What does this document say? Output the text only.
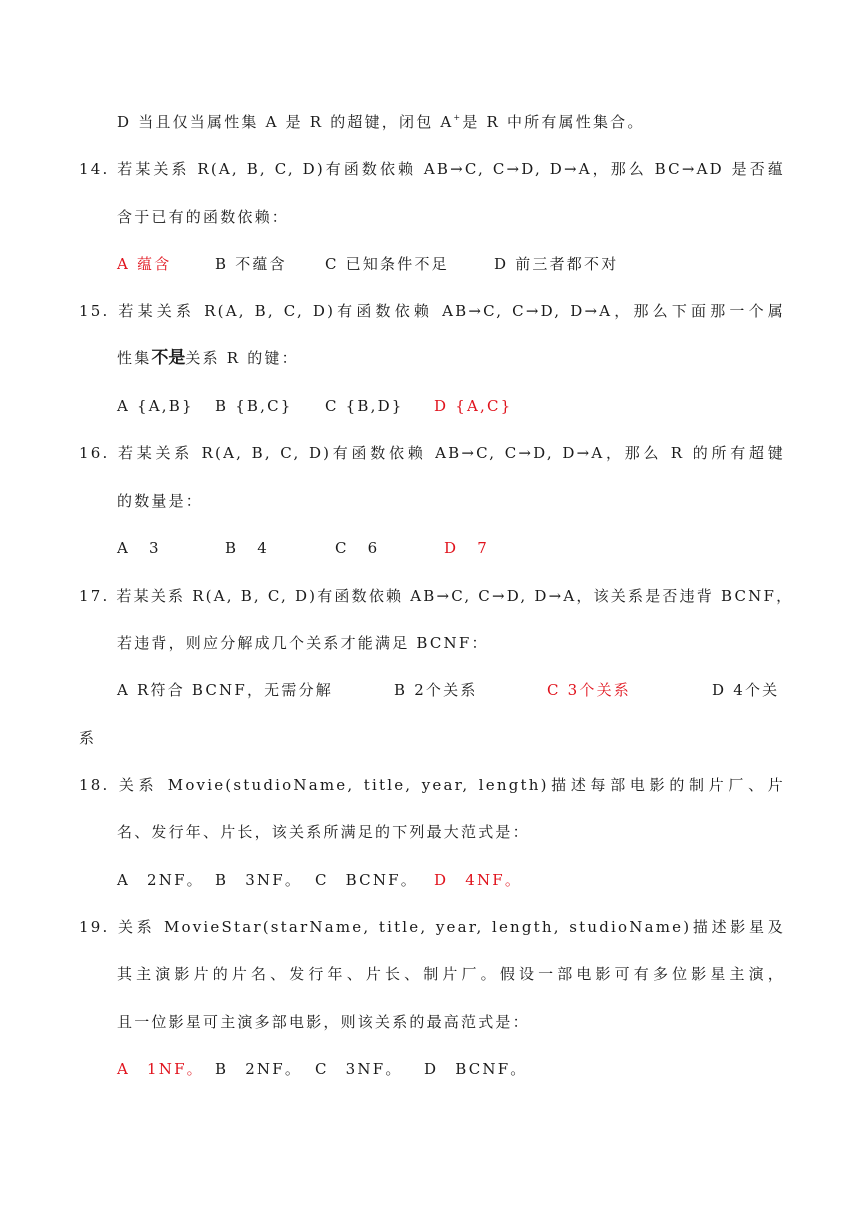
D 当且仅当属性集 A 是 R 的超键，闭包 A+是 R 中所有属性集合。
14. 若某关系 R(A, B, C, D)有函数依赖 AB→C, C→D, D→A，那么 BC→AD 是否蕴
含于已有的函数依赖：
A 蕴含	B 不蕴含	C 已知条件不足	D 前三者都不对
15. 若某关系 R(A, B, C, D)有函数依赖 AB→C, C→D, D→A，那么下面那一个属
性集不是关系 R 的键：
A {A,B} B {B,C} C {B,D} D {A,C}
16. 若某关系 R(A, B, C, D)有函数依赖 AB→C, C→D, D→A，那么 R 的所有超键
的数量是：
A 3	B 4	C 6	D 7
17. 若某关系 R(A, B, C, D)有函数依赖 AB→C, C→D, D→A，该关系是否违背 BCNF，
若违背，则应分解成几个关系才能满足 BCNF：
A R符合 BCNF，无需分解	B 2个关系	C 3个关系	D 4个关
系
18. 关系 Movie(studioName, title, year, length)描述每部电影的制片厂、片
名、发行年、片长，该关系所满足的下列最大范式是：
A 2NF。 B 3NF。 C BCNF。 D 4NF。
19. 关系 MovieStar(starName, title, year, length, studioName)描述影星及
其主演影片的片名、发行年、片长、制片厂。假设一部电影可有多位影星主演，
且一位影星可主演多部电影，则该关系的最高范式是：
A 1NF。 B 2NF。 C 3NF。 D BCNF。
